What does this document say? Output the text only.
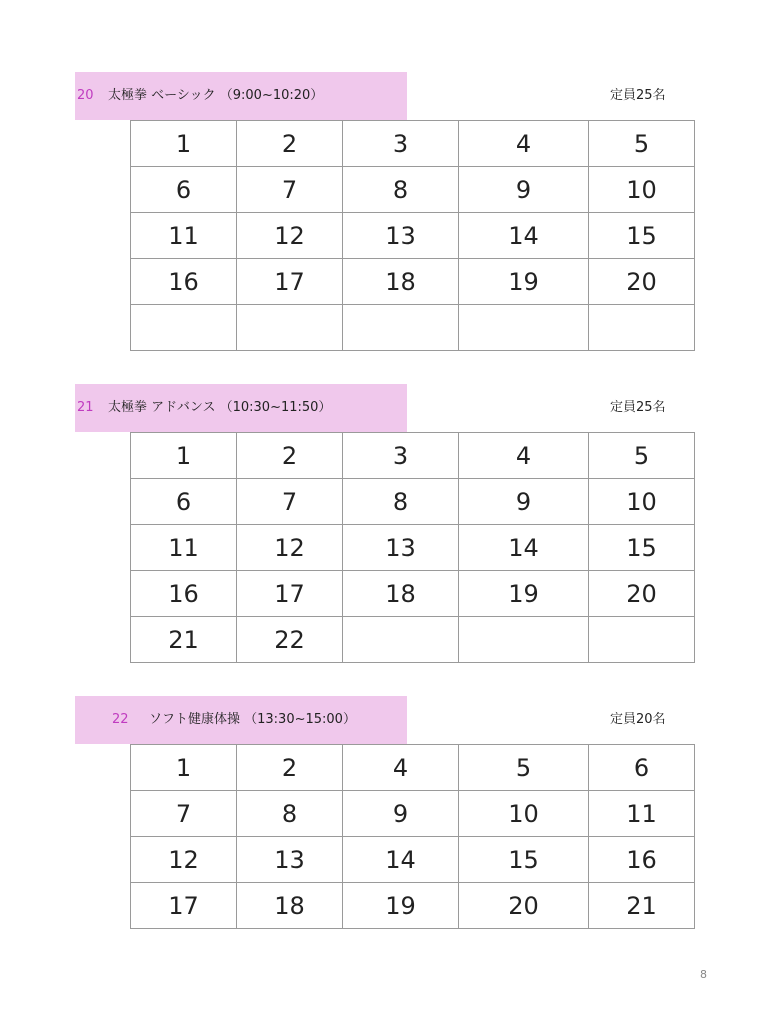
20 太極拳 ベーシック （9:00~10:20）	定員25名
1	2	3	4	5
6	7	8	9	10
11	12	13	14	15
16	17	18	19	20

21 太極拳 アドバンス （10:30~11:50）	定員25名
1	2	3	4	5
6	7	8	9	10
11	12	13	14	15
16	17	18	19	20
21	22			
22 ソフト健康体操 （13:30~15:00）	定員20名
1	2	4	5	6
7	8	9	10	11
12	13	14	15	16
17	18	19	20	21
8
